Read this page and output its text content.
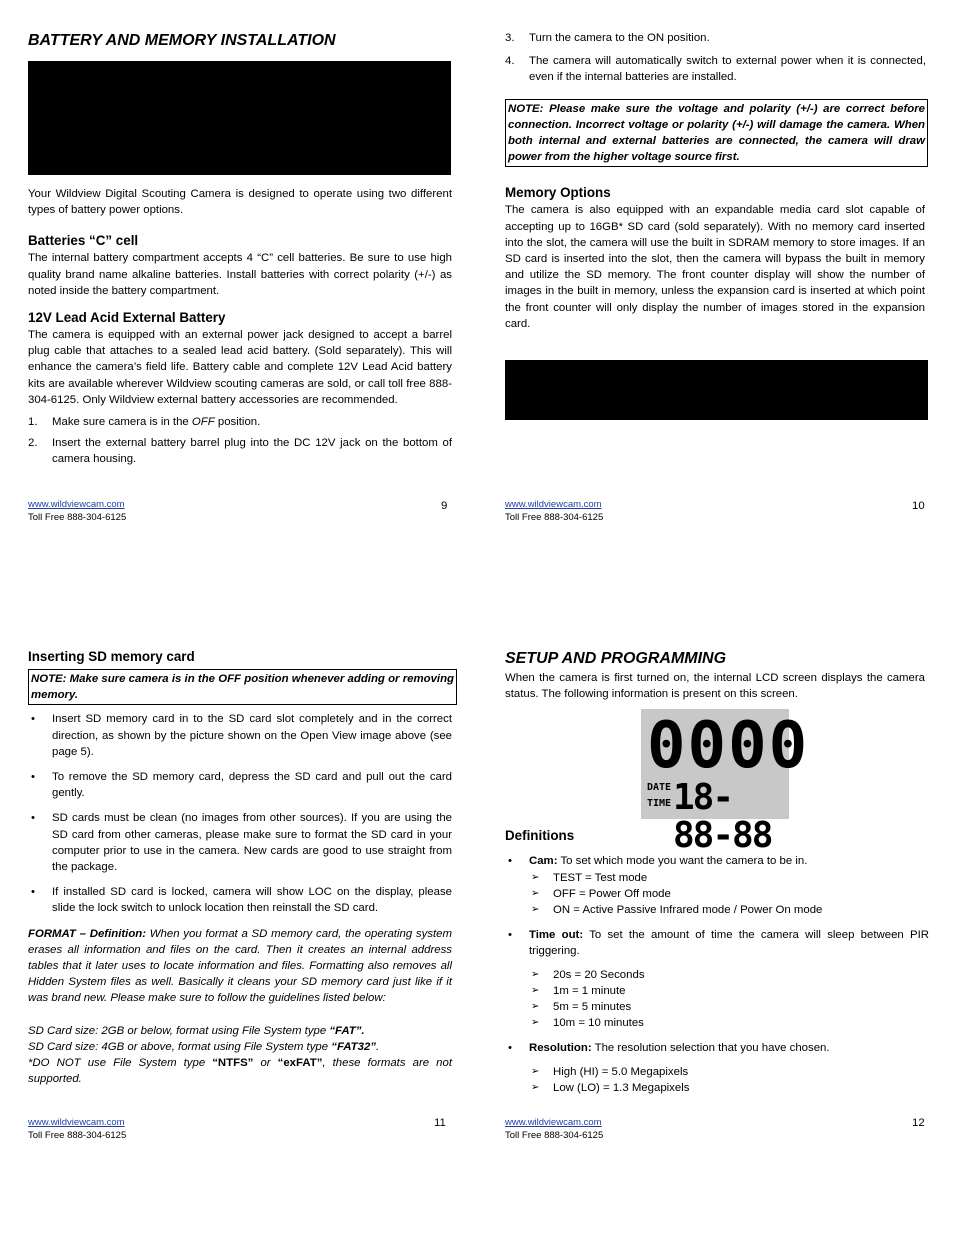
BATTERY AND MEMORY INSTALLATION

Your Wildview Digital Scouting Camera is designed to operate using two different types of battery power options.

Batteries “C” cell

The internal battery compartment accepts 4 “C” cell batteries. Be sure to use high quality brand name alkaline batteries. Install batteries with correct polarity (+/-) as noted inside the battery compartment.

12V Lead Acid External Battery

The camera is equipped with an external power jack designed to accept a barrel plug cable that attaches to a sealed lead acid battery. (Sold separately). This will enhance the camera’s field life. Battery cable and complete 12V Lead Acid battery kits are available wherever Wildview scouting cameras are sold, or call toll free 888-304-6125. Only Wildview external battery accessories are recommended.

1. Make sure camera is in the OFF position.
2. Insert the external battery barrel plug into the DC 12V jack on the bottom of camera housing.
www.wildviewcam.com
Toll Free 888-304-6125
9
3. Turn the camera to the ON position.
4. The camera will automatically switch to external power when it is connected, even if the internal batteries are installed.
NOTE: Please make sure the voltage and polarity (+/-) are correct before connection. Incorrect voltage or polarity (+/-) will damage the camera. When both internal and external batteries are connected, the camera will draw power from the higher voltage source first.
Memory Options

The camera is also equipped with an expandable media card slot capable of accepting up to 16GB* SD card (sold separately). With no memory card inserted into the slot, the camera will use the built in SDRAM memory to store images. If an SD card is inserted into the slot, then the camera will bypass the built in memory and utilize the SD memory. The front counter display will show the number of images in the built in memory, unless the expansion card is inserted at which point the front counter will only display the number of images stored in the expansion card.

www.wildviewcam.com
Toll Free 888-304-6125
10
Inserting SD memory card
NOTE: Make sure camera is in the OFF position whenever adding or removing memory.
• Insert SD memory card in to the SD card slot completely and in the correct direction, as shown by the picture shown on the Open View image above (see page 5).
• To remove the SD memory card, depress the SD card and pull out the card gently.
• SD cards must be clean (no images from other sources). If you are using the SD card from other cameras, please make sure to format the SD card in your computer prior to use in the camera. New cards are good to use straight from the package.
• If installed SD card is locked, camera will show LOC on the display, please slide the lock switch to unlock location then reinstall the SD card.

FORMAT – Definition: When you format a SD memory card, the operating system erases all information and files on the card. Then it creates an internal address tables that it later uses to locate information and files. Formatting also removes all Hidden System files as well. Basically it cleans your SD memory card just like if it was brand new. Please make sure to follow the guidelines listed below:

SD Card size: 2GB or below, format using File System type “FAT”.

SD Card size: 4GB or above, format using File System type “FAT32”.

*DO NOT use File System type “NTFS” or “exFAT”, these formats are not supported.

www.wildviewcam.com
Toll Free 888-304-6125
11
SETUP AND PROGRAMMING

When the camera is first turned on, the internal LCD screen displays the camera status. The following information is present on this screen.

0000
DATE
TIME 18-88-88
Definitions
• Cam: To set which mode you want the camera to be in.
➢ TEST = Test mode
➢ OFF = Power Off mode
➢ ON = Active Passive Infrared mode / Power On mode
• Time out: To set the amount of time the camera will sleep between PIR triggering.
➢ 20s = 20 Seconds
➢ 1m = 1 minute
➢ 5m = 5 minutes
➢ 10m = 10 minutes
• Resolution: The resolution selection that you have chosen.
➢ High (HI) = 5.0 Megapixels
➢ Low (LO) = 1.3 Megapixels
www.wildviewcam.com
Toll Free 888-304-6125
12
